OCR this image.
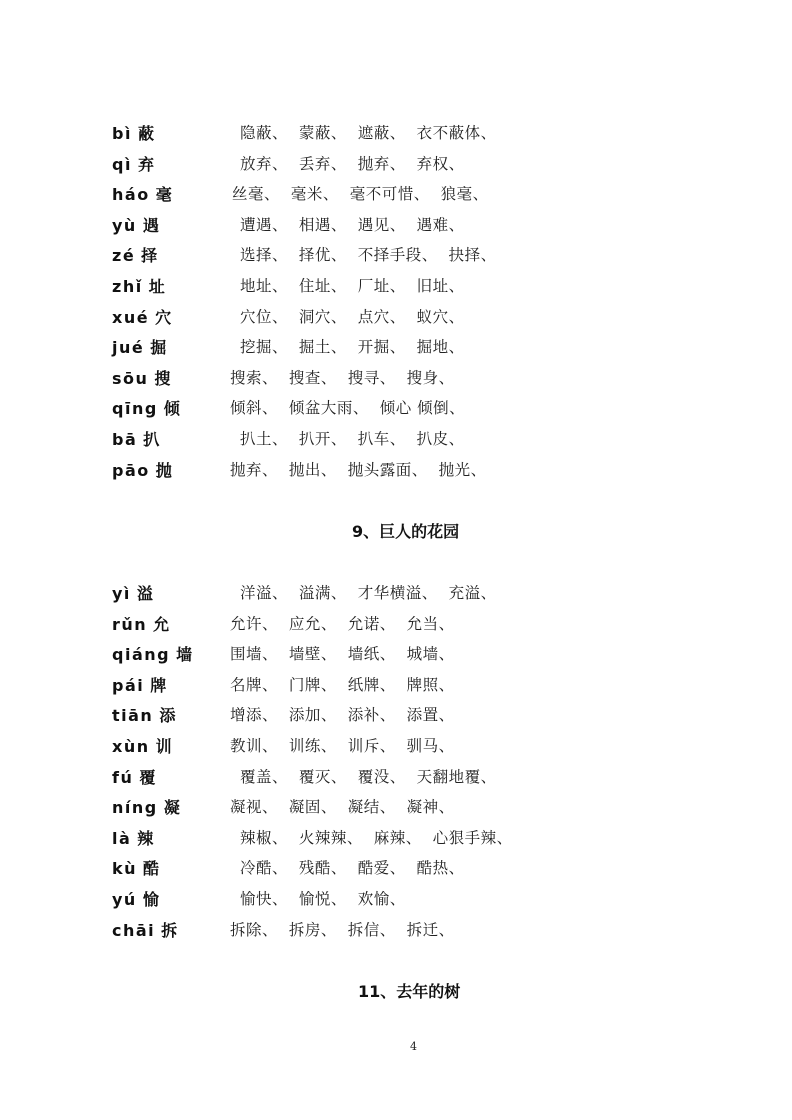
bì 蔽	隐蔽、  蒙蔽、  遮蔽、  衣不蔽体、
qì 弃	放弃、  丢弃、  抛弃、  弃权、
háo 毫	丝毫、  毫米、  毫不可惜、  狼毫、
yù 遇	遭遇、  相遇、  遇见、  遇难、
zé 择	选择、  择优、  不择手段、  抉择、
zhǐ 址	地址、  住址、  厂址、  旧址、
xué 穴	穴位、  洞穴、  点穴、  蚁穴、
jué 掘	挖掘、  掘土、  开掘、  掘地、
sōu 搜	搜索、  搜查、  搜寻、  搜身、
qīng 倾	倾斜、  倾盆大雨、  倾心 倾倒、
bā 扒	扒土、  扒开、  扒车、  扒皮、
pāo 抛	抛弃、  抛出、  抛头露面、  抛光、
9、巨人的花园
yì 溢	洋溢、  溢满、  才华横溢、  充溢、
rǔn 允	允许、  应允、  允诺、  允当、
qiáng 墙 围墙、  墙壁、  墙纸、  城墙、
pái 牌	名牌、  门牌、  纸牌、  牌照、
tiān 添	增添、  添加、  添补、  添置、
xùn 训	教训、  训练、  训斥、  驯马、
fú 覆	覆盖、  覆灭、  覆没、  天翻地覆、
níng 凝	凝视、  凝固、  凝结、  凝神、
là 辣	辣椒、  火辣辣、  麻辣、  心狠手辣、
kù 酷	冷酷、  残酷、  酷爱、  酷热、
yú 愉	愉快、  愉悦、  欢愉、
chāi 拆	拆除、  拆房、  拆信、  拆迁、
11、去年的树
4
